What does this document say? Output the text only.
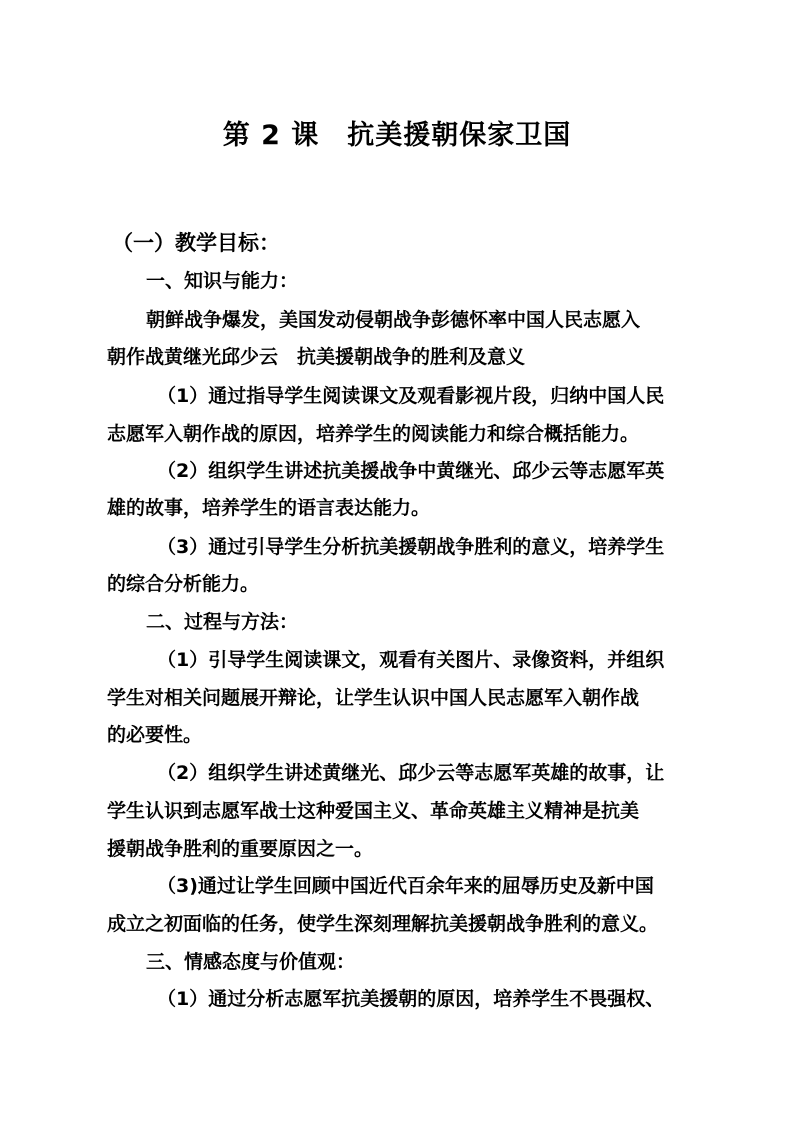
第 2 课　抗美援朝保家卫国
（一）教学目标：
一、知识与能力：
朝鲜战争爆发，美国发动侵朝战争彭德怀率中国人民志愿入
朝作战黄继光邱少云　抗美援朝战争的胜利及意义
（1）通过指导学生阅读课文及观看影视片段，归纳中国人民
志愿军入朝作战的原因，培养学生的阅读能力和综合概括能力。
（2）组织学生讲述抗美援战争中黄继光、邱少云等志愿军英
雄的故事，培养学生的语言表达能力。
（3）通过引导学生分析抗美援朝战争胜利的意义，培养学生
的综合分析能力。
二、过程与方法：
（1）引导学生阅读课文，观看有关图片、录像资料，并组织
学生对相关问题展开辩论，让学生认识中国人民志愿军入朝作战
的必要性。
（2）组织学生讲述黄继光、邱少云等志愿军英雄的故事，让
学生认识到志愿军战士这种爱国主义、革命英雄主义精神是抗美
援朝战争胜利的重要原因之一。
（3)通过让学生回顾中国近代百余年来的屈辱历史及新中国
成立之初面临的任务，使学生深刻理解抗美援朝战争胜利的意义。
三、情感态度与价值观：
（1）通过分析志愿军抗美援朝的原因，培养学生不畏强权、
